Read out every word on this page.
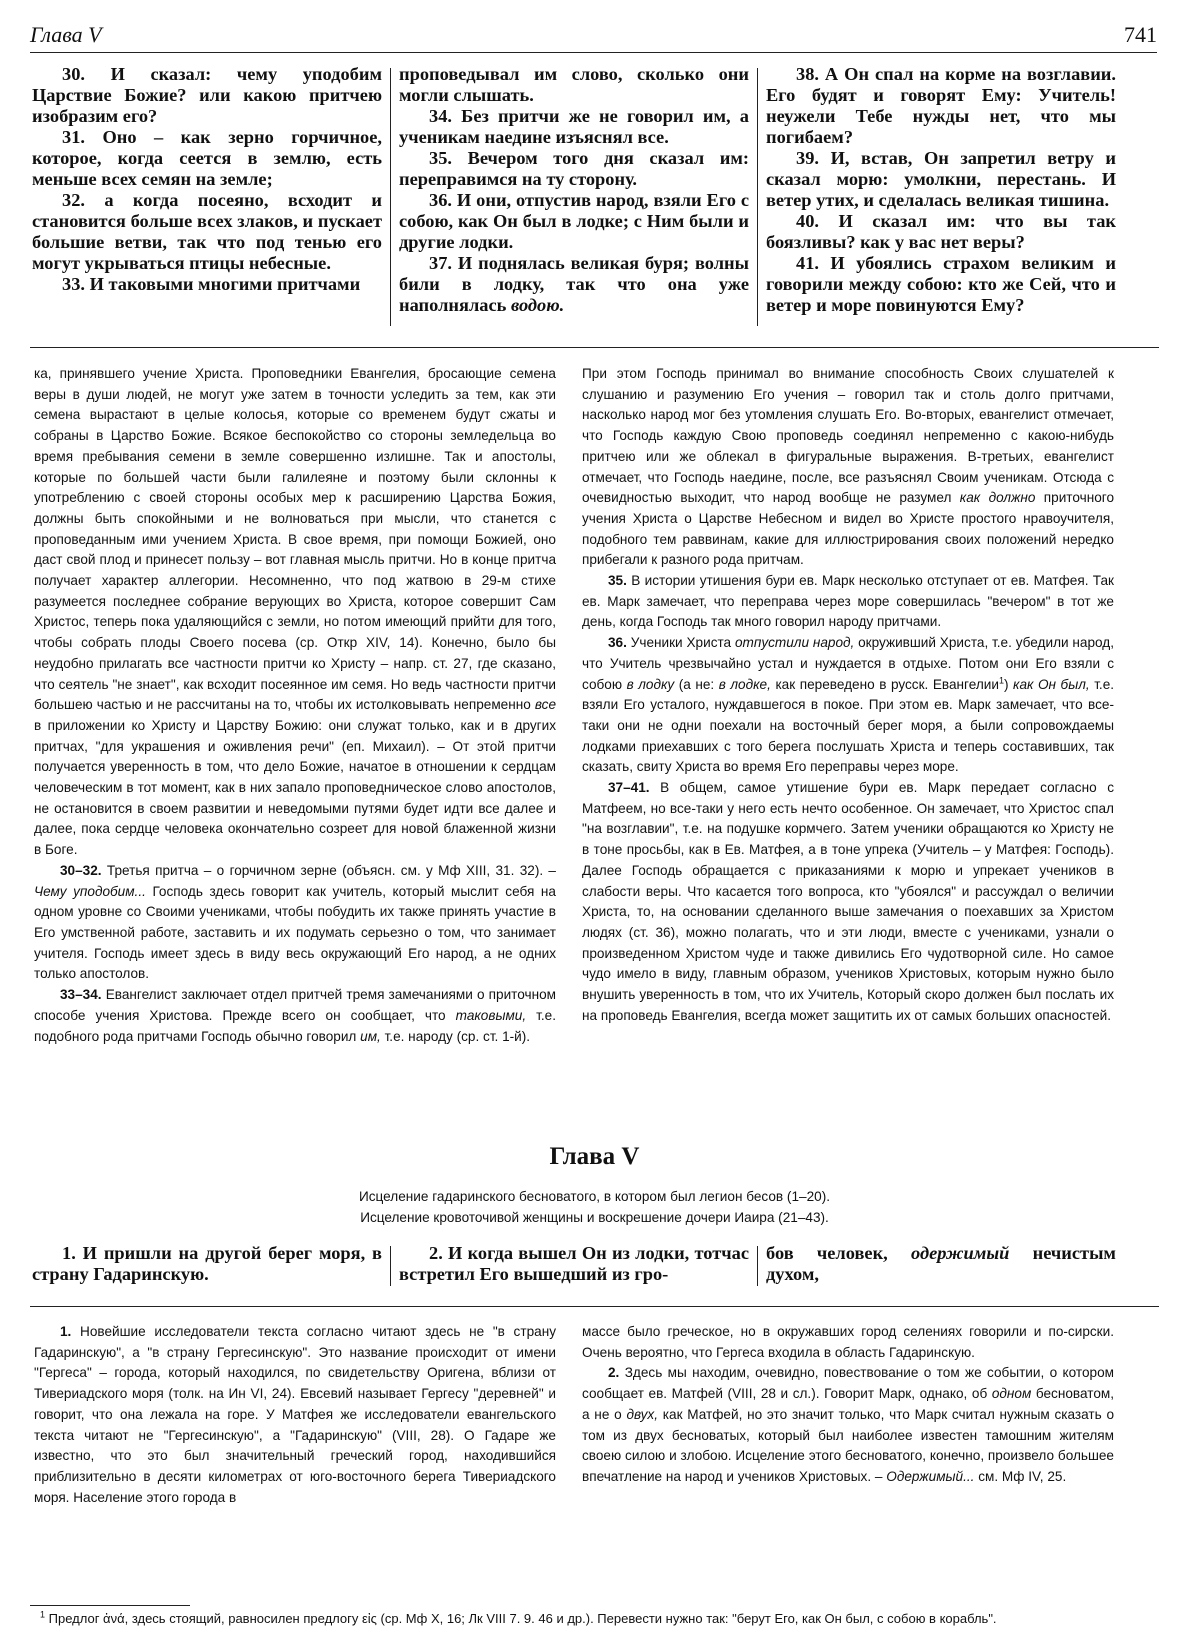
Глава V	741

30. И сказал: чему уподобим Царствие Божие? или какою притчею изобразим его?

31. Оно – как зерно горчичное, которое, когда сеется в землю, есть меньше всех семян на земле;

32. а когда посеяно, всходит и становится больше всех злаков, и пускает большие ветви, так что под тенью его могут укрываться птицы небесные.

33. И таковыми многими притчами

проповедывал им слово, сколько они могли слышать.

34. Без притчи же не говорил им, а ученикам наедине изъяснял все.

35. Вечером того дня сказал им: переправимся на ту сторону.

36. И они, отпустив народ, взяли Его с собою, как Он был в лодке; с Ним были и другие лодки.

37. И поднялась великая буря; волны били в лодку, так что она уже наполнялась водою.

38. А Он спал на корме на возглавии. Его будят и говорят Ему: Учитель! неужели Тебе нужды нет, что мы погибаем?

39. И, встав, Он запретил ветру и сказал морю: умолкни, перестань. И ветер утих, и сделалась великая тишина.

40. И сказал им: что вы так боязливы? как у вас нет веры?

41. И убоялись страхом великим и говорили между собою: кто же Сей, что и ветер и море повинуются Ему?

ка, принявшего учение Христа. Проповедники Евангелия, бросающие семена веры в души людей, не могут уже затем в точности уследить за тем, как эти семена вырастают в целые колосья, которые со временем будут сжаты и собраны в Царство Божие. Всякое беспокойство со стороны земледельца во время пребывания семени в земле совершенно излишне. Так и апостолы, которые по большей части были галилеяне и поэтому были склонны к употреблению с своей стороны особых мер к расширению Царства Божия, должны быть спокойными и не волноваться при мысли, что станется с проповеданным ими учением Христа. В свое время, при помощи Божией, оно даст свой плод и принесет пользу – вот главная мысль притчи. Но в конце притча получает характер аллегории. Несомненно, что под жатвою в 29-м стихе разумеется последнее собрание верующих во Христа, которое совершит Сам Христос, теперь пока удаляющийся с земли, но потом имеющий прийти для того, чтобы собрать плоды Своего посева (ср. Откр XIV, 14). Конечно, было бы неудобно прилагать все частности притчи ко Христу – напр. ст. 27, где сказано, что сеятель "не знает", как всходит посеянное им семя. Но ведь частности притчи большею частью и не рассчитаны на то, чтобы их истолковывать непременно все в приложении ко Христу и Царству Божию: они служат только, как и в других притчах, "для украшения и оживления речи" (еп. Михаил). – От этой притчи получается уверенность в том, что дело Божие, начатое в отношении к сердцам человеческим в тот момент, как в них запало проповедническое слово апостолов, не остановится в своем развитии и неведомыми путями будет идти все далее и далее, пока сердце человека окончательно созреет для новой блаженной жизни в Боге.

30–32. Третья притча – о горчичном зерне (объясн. см. у Мф XIII, 31. 32). – Чему уподобим... Господь здесь говорит как учитель, который мыслит себя на одном уровне со Своими учениками, чтобы побудить их также принять участие в Его умственной работе, заставить и их подумать серьезно о том, что занимает учителя. Господь имеет здесь в виду весь окружающий Его народ, а не одних только апостолов.

33–34. Евангелист заключает отдел притчей тремя замечаниями о приточном способе учения Христова. Прежде всего он сообщает, что таковыми, т.е. подобного рода притчами Господь обычно говорил им, т.е. народу (ср. ст. 1-й).

При этом Господь принимал во внимание способность Своих слушателей к слушанию и разумению Его учения – говорил так и столь долго притчами, насколько народ мог без утомления слушать Его. Во-вторых, евангелист отмечает, что Господь каждую Свою проповедь соединял непременно с какою-нибудь притчею или же облекал в фигуральные выражения. В-третьих, евангелист отмечает, что Господь наедине, после, все разъяснял Своим ученикам. Отсюда с очевидностью выходит, что народ вообще не разумел как должно приточного учения Христа о Царстве Небесном и видел во Христе простого нравоучителя, подобного тем раввинам, какие для иллюстрирования своих положений нередко прибегали к разного рода притчам.

35. В истории утишения бури ев. Марк несколько отступает от ев. Матфея. Так ев. Марк замечает, что переправа через море совершилась "вечером" в тот же день, когда Господь так много говорил народу притчами.

36. Ученики Христа отпустили народ, окруживший Христа, т.е. убедили народ, что Учитель чрезвычайно устал и нуждается в отдыхе. Потом они Его взяли с собою в лодку (а не: в лодке, как переведено в русск. Евангелии$^1$) как Он был, т.е. взяли Его усталого, нуждавшегося в покое. При этом ев. Марк замечает, что все-таки они не одни поехали на восточный берег моря, а были сопровождаемы лодками приехавших с того берега послушать Христа и теперь составивших, так сказать, свиту Христа во время Его переправы через море.

37–41. В общем, самое утишение бури ев. Марк передает согласно с Матфеем, но все-таки у него есть нечто особенное. Он замечает, что Христос спал "на возглавии", т.е. на подушке кормчего. Затем ученики обращаются ко Христу не в тоне просьбы, как в Ев. Матфея, а в тоне упрека (Учитель – у Матфея: Господь). Далее Господь обращается с приказаниями к морю и упрекает учеников в слабости веры. Что касается того вопроса, кто "убоялся" и рассуждал о величии Христа, то, на основании сделанного выше замечания о поехавших за Христом людях (ст. 36), можно полагать, что и эти люди, вместе с учениками, узнали о произведенном Христом чуде и также дивились Его чудотворной силе. Но самое чудо имело в виду, главным образом, учеников Христовых, которым нужно было внушить уверенность в том, что их Учитель, Который скоро должен был послать их на проповедь Евангелия, всегда может защитить их от самых больших опасностей.

Глава V
Исцеление гадаринского бесноватого, в котором был легион бесов (1–20).
Исцеление кровоточивой женщины и воскрешение дочери Иаира (21–43).

1. И пришли на другой берег моря, в страну Гадаринскую.

2. И когда вышел Он из лодки, тотчас встретил Его вышедший из гро-

бов человек, одержимый нечистым духом,

1. Новейшие исследователи текста согласно читают здесь не "в страну Гадаринскую", а "в страну Гергесинскую". Это название происходит от имени "Гергеса" – города, который находился, по свидетельству Оригена, вблизи от Тивериадского моря (толк. на Ин VI, 24). Евсевий называет Гергесу "деревней" и говорит, что она лежала на горе. У Матфея же исследователи евангельского текста читают не "Гергесинскую", а "Гадаринскую" (VIII, 28). О Гадаре же известно, что это был значительный греческий город, находившийся приблизительно в десяти километрах от юго-восточного берега Тивериадского моря. Население этого города в

массе было греческое, но в окружавших город селениях говорили и по-сирски. Очень вероятно, что Гергеса входила в область Гадаринскую.

2. Здесь мы находим, очевидно, повествование о том же событии, о котором сообщает ев. Матфей (VIII, 28 и сл.). Говорит Марк, однако, об одном бесноватом, а не о двух, как Матфей, но это значит только, что Марк считал нужным сказать о том из двух бесноватых, который был наиболее известен тамошним жителям своею силою и злобою. Исцеление этого бесноватого, конечно, произвело большее впечатление на народ и учеников Христовых. – Одержимый... см. Мф IV, 25.

$^1$ Предлог ἀνά, здесь стоящий, равносилен предлогу εἰς (ср. Мф X, 16; Лк VIII 7. 9. 46 и др.). Перевести нужно так: "берут Его, как Он был, с собою в корабль".
